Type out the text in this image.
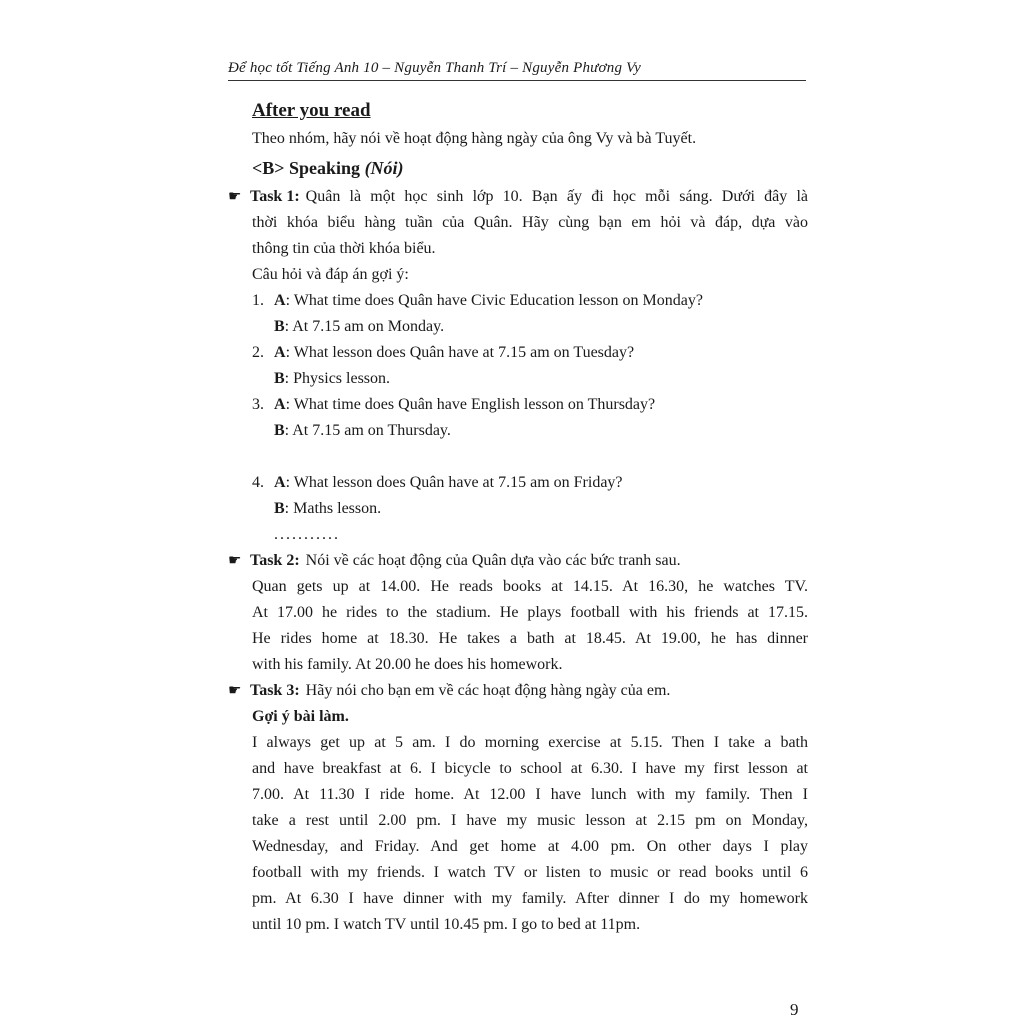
Để học tốt Tiếng Anh 10 – Nguyễn Thanh Trí – Nguyễn Phương Vy
After you read
Theo nhóm, hãy nói về hoạt động hàng ngày của ông Vy và bà Tuyết.
<B> Speaking (Nói)
☛ Task 1: Quân là một học sinh lớp 10. Bạn ấy đi học mỗi sáng. Dưới đây là
thời khóa biểu hàng tuần của Quân. Hãy cùng bạn em hỏi và đáp, dựa vào
thông tin của thời khóa biểu.
Câu hỏi và đáp án gợi ý:
1. A: What time does Quân have Civic Education lesson on Monday?
B: At 7.15 am on Monday.
2. A: What lesson does Quân have at 7.15 am on Tuesday?
B: Physics lesson.
3. A: What time does Quân have English lesson on Thursday?
B: At 7.15 am on Thursday.
4. A: What lesson does Quân have at 7.15 am on Friday?
B: Maths lesson.
...........
☛ Task 2: Nói về các hoạt động của Quân dựa vào các bức tranh sau.
Quan gets up at 14.00. He reads books at 14.15. At 16.30, he watches TV.
At 17.00 he rides to the stadium. He plays football with his friends at 17.15.
He rides home at 18.30. He takes a bath at 18.45. At 19.00, he has dinner
with his family. At 20.00 he does his homework.
☛ Task 3: Hãy nói cho bạn em về các hoạt động hàng ngày của em.
Gợi ý bài làm.
I always get up at 5 am. I do morning exercise at 5.15. Then I take a bath
and have breakfast at 6. I bicycle to school at 6.30. I have my first lesson at
7.00. At 11.30 I ride home. At 12.00 I have lunch with my family. Then I
take a rest until 2.00 pm. I have my music lesson at 2.15 pm on Monday,
Wednesday, and Friday. And get home at 4.00 pm. On other days I play
football with my friends. I watch TV or listen to music or read books until 6
pm. At 6.30 I have dinner with my family. After dinner I do my homework
until 10 pm. I watch TV until 10.45 pm. I go to bed at 11pm.
9
